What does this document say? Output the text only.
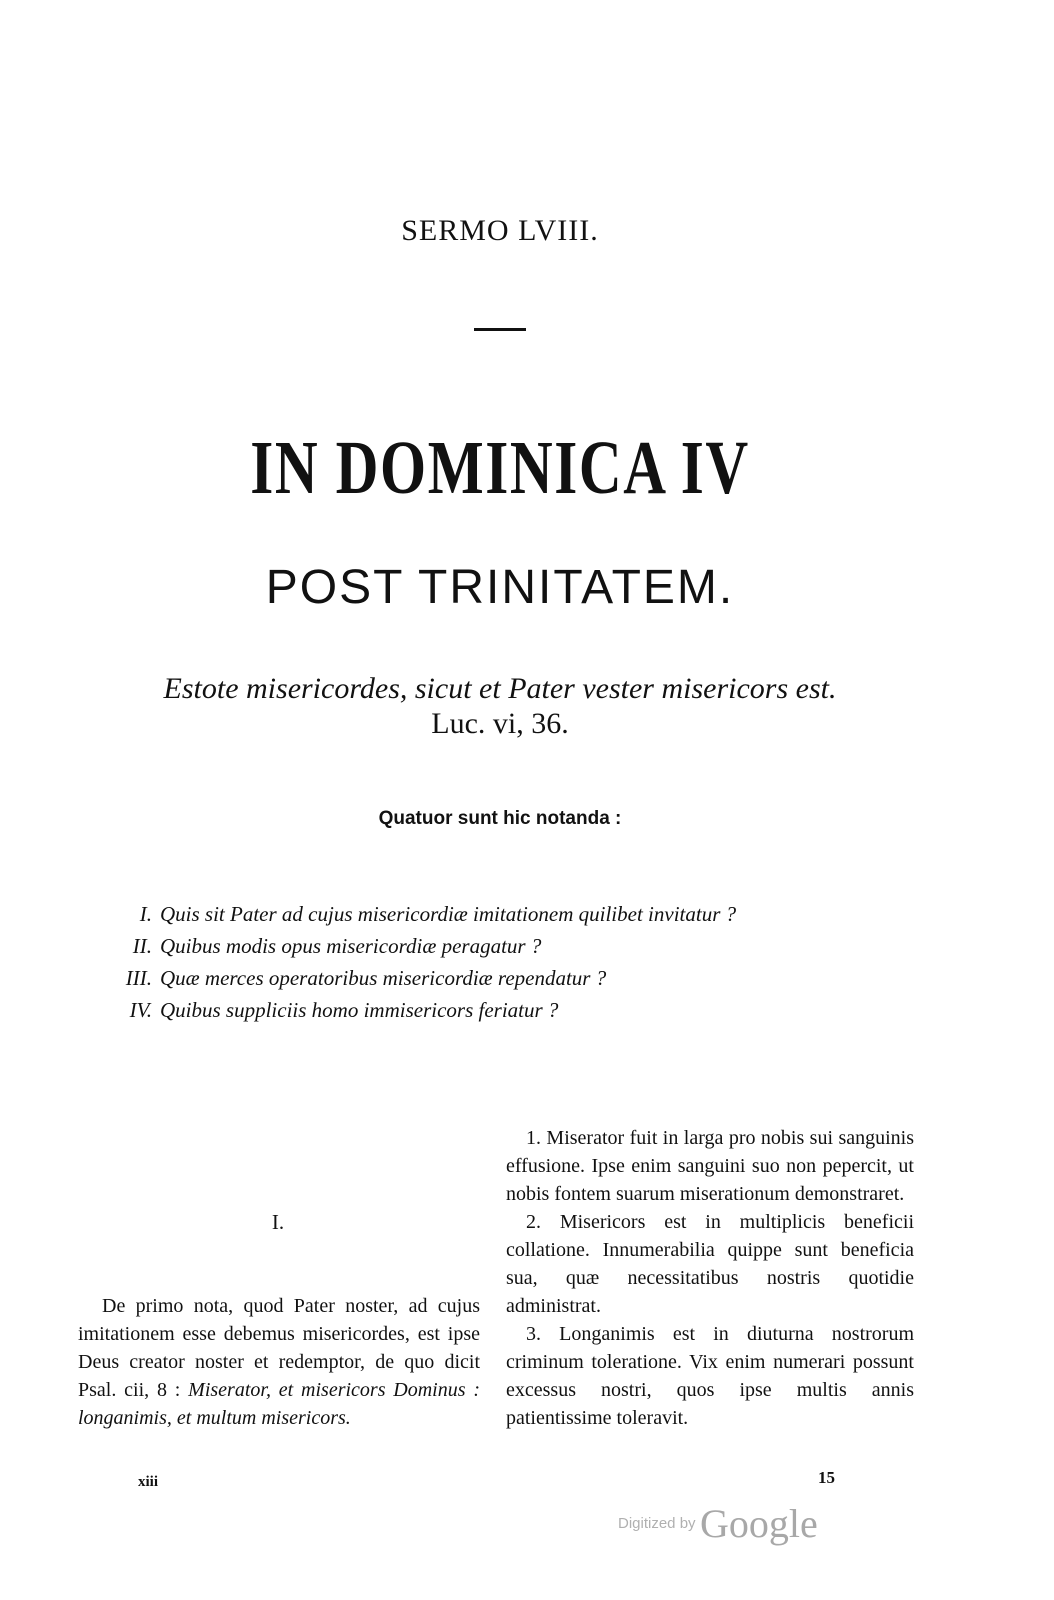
SERMO LVIII.
IN DOMINICA IV
POST TRINITATEM.
Estote misericordes, sicut et Pater vester misericors est.
Luc. vi, 36.
Quatuor sunt hic notanda :
I. Quis sit Pater ad cujus misericordiæ imitationem quilibet invitatur ?
II. Quibus modis opus misericordiæ peragatur ?
III. Quæ merces operatoribus misericordiæ rependatur ?
IV. Quibus suppliciis homo immisericors feriatur ?
I.

De primo nota, quod Pater noster, ad cujus imitationem esse debemus misericordes, est ipse Deus creator noster et redemptor, de quo dicit Psal. cii, 8 : Miserator, et misericors Dominus : longanimis, et multum misericors.

1. Miserator fuit in larga pro nobis sui sanguinis effusione. Ipse enim sanguini suo non pepercit, ut nobis fontem suarum miserationum demonstraret.

2. Misericors est in multiplicis beneficii collatione. Innumerabilia quippe sunt beneficia sua, quæ necessitatibus nostris quotidie administrat.

3. Longanimis est in diuturna nostrorum criminum toleratione. Vix enim numerari possunt excessus nostri, quos ipse multis annis patientissime toleravit.

xiii	15
Digitized by Google
